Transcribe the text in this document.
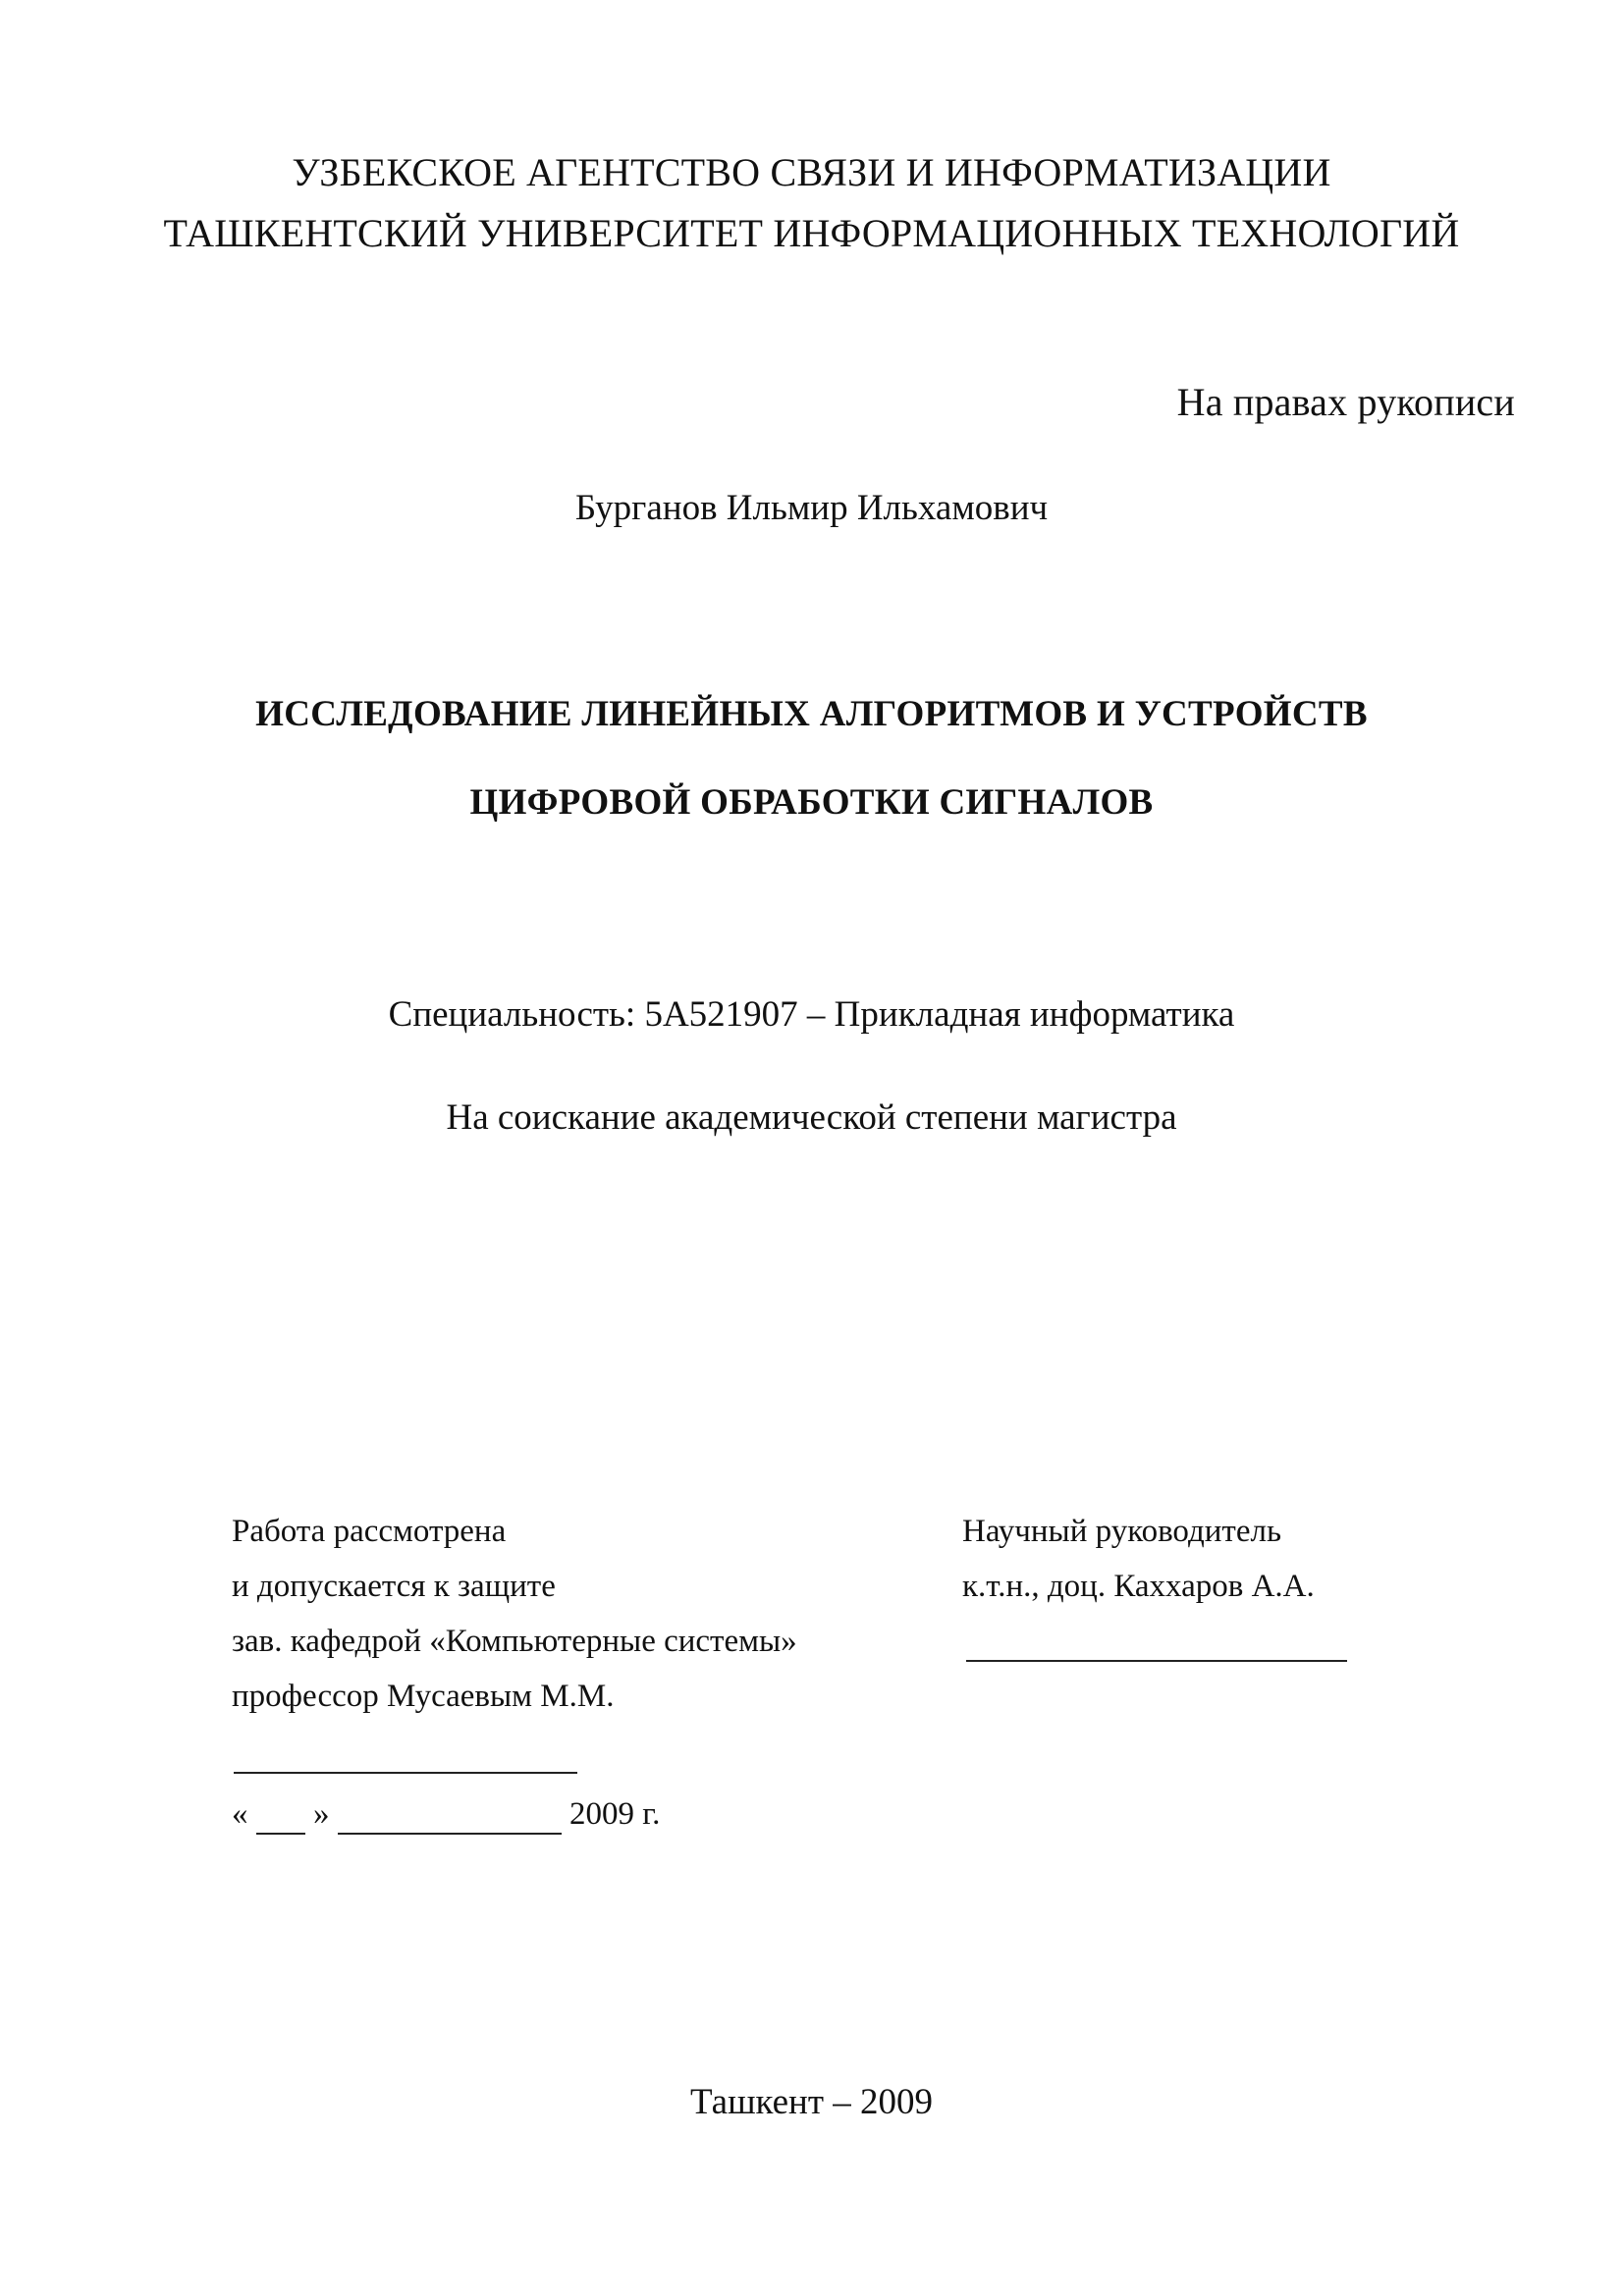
УЗБЕКСКОЕ АГЕНТСТВО СВЯЗИ И ИНФОРМАТИЗАЦИИ
ТАШКЕНТСКИЙ УНИВЕРСИТЕТ ИНФОРМАЦИОННЫХ ТЕХНОЛОГИЙ
На правах рукописи
Бурганов Ильмир Ильхамович
ИССЛЕДОВАНИЕ ЛИНЕЙНЫХ АЛГОРИТМОВ И УСТРОЙСТВ
ЦИФРОВОЙ ОБРАБОТКИ СИГНАЛОВ
Специальность: 5А521907 – Прикладная информатика
На соискание академической степени магистра
Работа рассмотрена
и допускается к защите
зав. кафедрой «Компьютерные системы»
профессор Мусаевым М.М.
« »	2009 г.
Научный руководитель
к.т.н., доц. Каххаров А.А.
Ташкент – 2009
